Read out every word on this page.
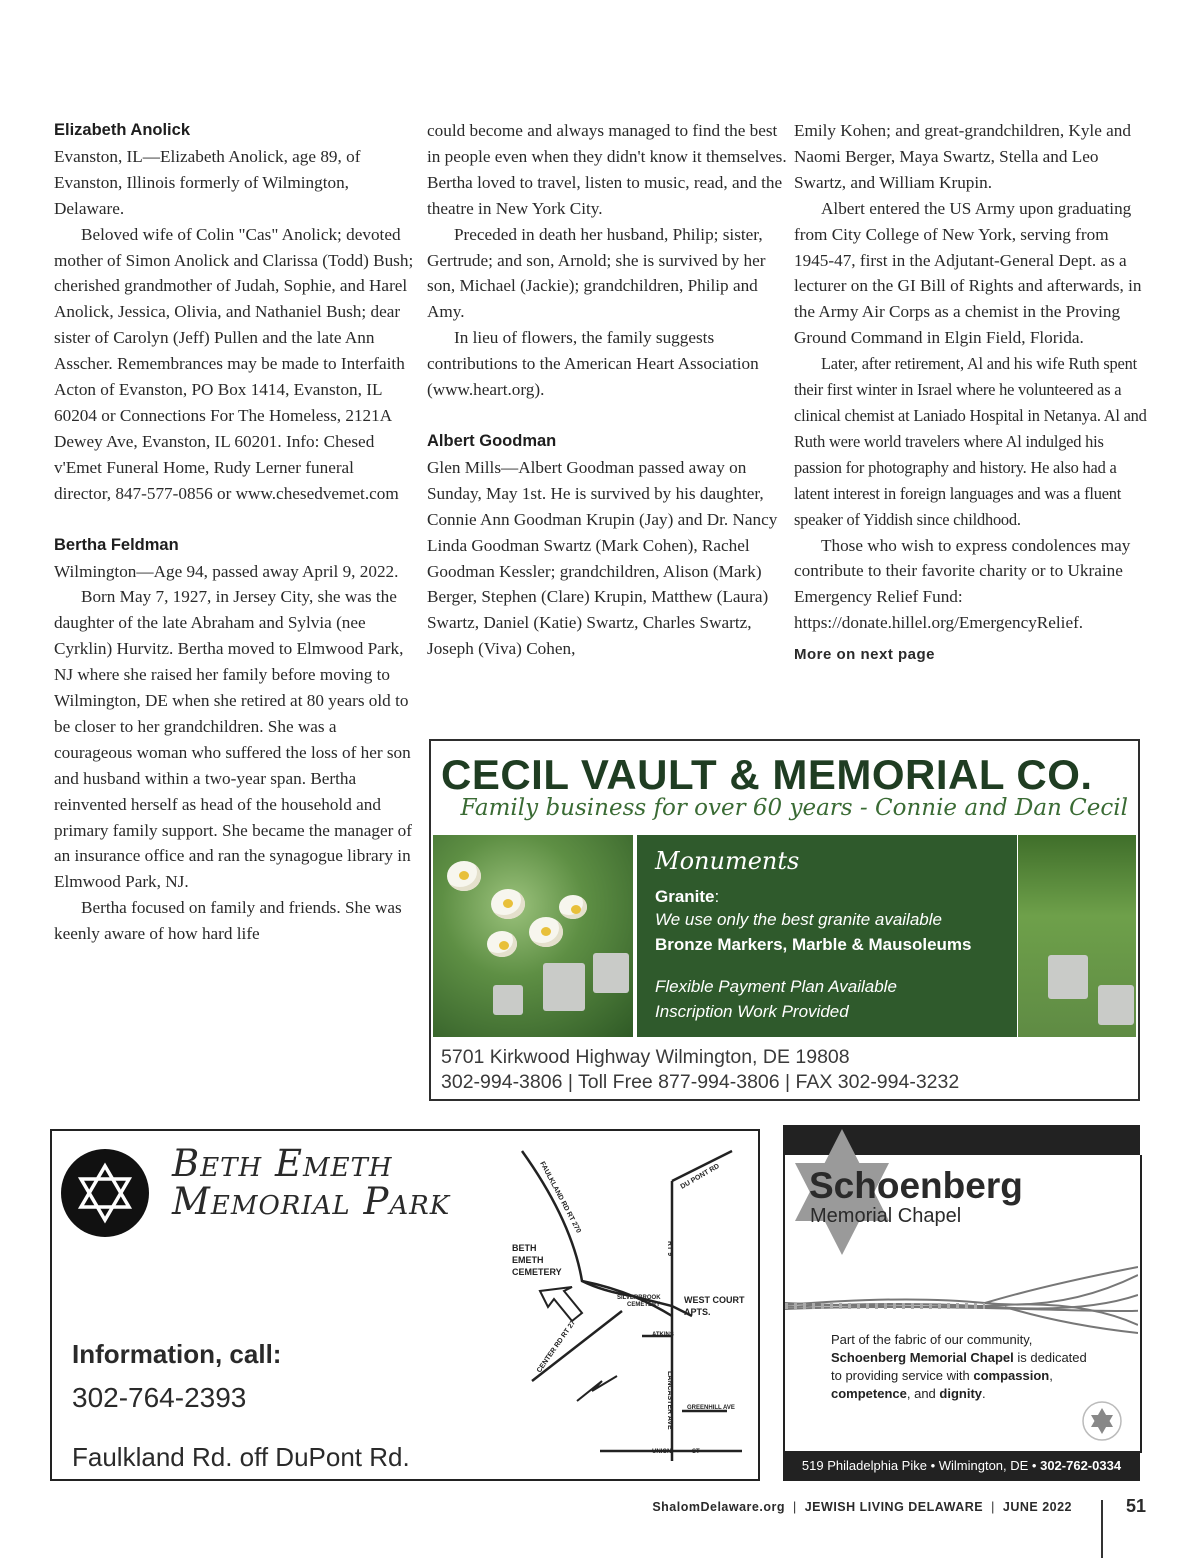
Elizabeth Anolick

Evanston, IL—Elizabeth Anolick, age 89, of Evanston, Illinois formerly of Wilmington, Delaware.

Beloved wife of Colin "Cas" Anolick; devoted mother of Simon Anolick and Clarissa (Todd) Bush; cherished grandmother of Judah, Sophie, and Harel Anolick, Jessica, Olivia, and Nathaniel Bush; dear sister of Carolyn (Jeff) Pullen and the late Ann Asscher. Remembrances may be made to Interfaith Acton of Evanston, PO Box 1414, Evanston, IL 60204 or Connections For The Homeless, 2121A Dewey Ave, Evanston, IL 60201. Info: Chesed v'Emet Funeral Home, Rudy Lerner funeral director, 847-577-0856 or www.chesedvemet.com

Bertha Feldman

Wilmington—Age 94, passed away April 9, 2022.

Born May 7, 1927, in Jersey City, she was the daughter of the late Abraham and Sylvia (nee Cyrklin) Hurvitz. Bertha moved to Elmwood Park, NJ where she raised her family before moving to Wilmington, DE when she retired at 80 years old to be closer to her grandchildren. She was a courageous woman who suffered the loss of her son and husband within a two-year span. Bertha reinvented herself as head of the household and primary family support. She became the manager of an insurance office and ran the synagogue library in Elmwood Park, NJ.

Bertha focused on family and friends. She was keenly aware of how hard life

could become and always managed to find the best in people even when they didn't know it themselves. Bertha loved to travel, listen to music, read, and the theatre in New York City.

Preceded in death her husband, Philip; sister, Gertrude; and son, Arnold; she is survived by her son, Michael (Jackie); grandchildren, Philip and Amy.

In lieu of flowers, the family suggests contributions to the American Heart Association (www.heart.org).

Albert Goodman

Glen Mills—Albert Goodman passed away on Sunday, May 1st. He is survived by his daughter, Connie Ann Goodman Krupin (Jay) and Dr. Nancy Linda Goodman Swartz (Mark Cohen), Rachel Goodman Kessler; grandchildren, Alison (Mark) Berger, Stephen (Clare) Krupin, Matthew (Laura) Swartz, Daniel (Katie) Swartz, Charles Swartz, Joseph (Viva) Cohen,

Emily Kohen; and great-grandchildren, Kyle and Naomi Berger, Maya Swartz, Stella and Leo Swartz, and William Krupin.

Albert entered the US Army upon graduating from City College of New York, serving from 1945-47, first in the Adjutant-General Dept. as a lecturer on the GI Bill of Rights and afterwards, in the Army Air Corps as a chemist in the Proving Ground Command in Elgin Field, Florida.

Later, after retirement, Al and his wife Ruth spent their first winter in Israel where he volunteered as a clinical chemist at Laniado Hospital in Netanya. Al and Ruth were world travelers where Al indulged his passion for photography and history. He also had a latent interest in foreign languages and was a fluent speaker of Yiddish since childhood.

Those who wish to express condolences may contribute to their favorite charity or to Ukraine Emergency Relief Fund: https://donate.hillel.org/EmergencyRelief.

More on next page

CECIL VAULT & MEMORIAL CO.
Family business for over 60 years - Connie and Dan Cecil
Monuments
Granite:
We use only the best granite available
Bronze Markers, Marble & Mausoleums
Flexible Payment Plan Available
Inscription Work Provided
5701 Kirkwood Highway Wilmington, DE 19808
302-994-3806 | Toll Free 877-994-3806 | FAX 302-994-3232
Beth Emeth
Memorial Park
Information, call:
302-764-2393
Faulkland Rd. off DuPont Rd.
BETH
EMETH
CEMETERY
SILVERBROOK
CEMETERY	WEST COURT
APTS.
ATKINS
UNION	ST
GREENHILL AVE
FAULKLAND RD RT 270	DU PONT RD
RT 9
CENTER RD RT 27
LANCASTER AVE
Schoenberg
Memorial Chapel
Part of the fabric of our community,
Schoenberg Memorial Chapel is dedicated to providing service with compassion, competence, and dignity.
519 Philadelphia Pike • Wilmington, DE • 302-762-0334
ShalomDelaware.org | JEWISH LIVING DELAWARE | JUNE 2022	51
